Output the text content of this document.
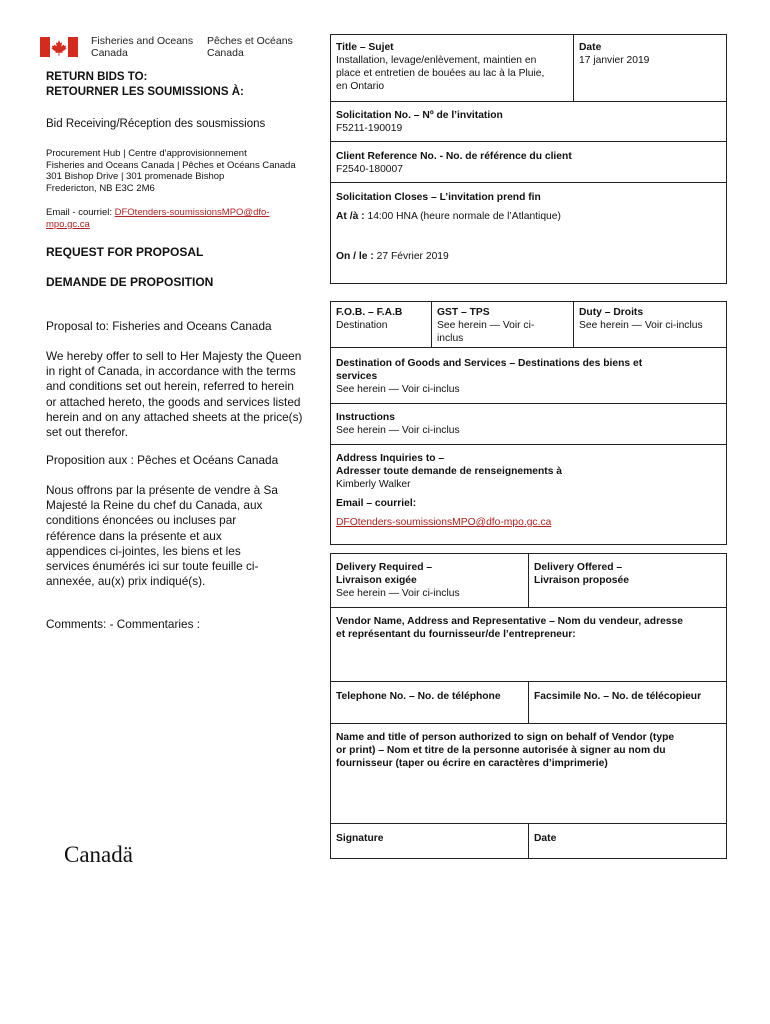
Fisheries and Oceans
Canada
Pêches et Océans
Canada
RETURN BIDS TO:
RETOURNER LES SOUMISSIONS À:
Bid Receiving/Réception des sousmissions
Procurement Hub | Centre d'approvisionnement
Fisheries and Oceans Canada | Pêches et Océans Canada
301 Bishop Drive | 301 promenade Bishop
Fredericton, NB E3C 2M6
Email - courriel: DFOtenders-soumissionsMPO@dfo-
mpo.gc.ca
REQUEST FOR PROPOSAL
DEMANDE DE PROPOSITION
Proposal to: Fisheries and Oceans Canada
We hereby offer to sell to Her Majesty the Queen
in right of Canada, in accordance with the terms
and conditions set out herein, referred to herein
or attached hereto, the goods and services listed
herein and on any attached sheets at the price(s)
set out therefor.
Proposition aux : Pêches et Océans Canada
Nous offrons par la présente de vendre à Sa
Majesté la Reine du chef du Canada, aux
conditions énoncées ou incluses par
référence dans la présente et aux
appendices ci-jointes, les biens et les
services énumérés ici sur toute feuille ci-
annexée, au(x) prix indiqué(s).
Comments: - Commentaries :
Canadä
Title – Sujet
Installation, levage/enlèvement, maintien en
place et entretien de bouées au lac à la Pluie,
en Ontario
Date
17 janvier 2019
Solicitation No. – Nº de l’invitation
F5211-190019
Client Reference No. - No. de référence du client
F2540-180007
Solicitation Closes – L’invitation prend fin
At /à : 14:00 HNA (heure normale de l’Atlantique)
On / le : 27 Février 2019
F.O.B. – F.A.B
Destination
GST – TPS
See herein — Voir ci-
inclus
Duty – Droits
See herein — Voir ci-inclus
Destination of Goods and Services – Destinations des biens et
services
See herein — Voir ci-inclus
Instructions
See herein — Voir ci-inclus
Address Inquiries to –
Adresser toute demande de renseignements à
Kimberly Walker
Email – courriel:
DFOtenders-soumissionsMPO@dfo-mpo.gc.ca
Delivery Required –
Livraison exigée
See herein — Voir ci-inclus
Delivery Offered –
Livraison proposée
Vendor Name, Address and Representative – Nom du vendeur, adresse
et représentant du fournisseur/de l’entrepreneur:
Telephone No. – No. de téléphone	Facsimile No. – No. de télécopieur
Name and title of person authorized to sign on behalf of Vendor (type
or print) – Nom et titre de la personne autorisée à signer au nom du
fournisseur (taper ou écrire en caractères d’imprimerie)
Signature	Date
